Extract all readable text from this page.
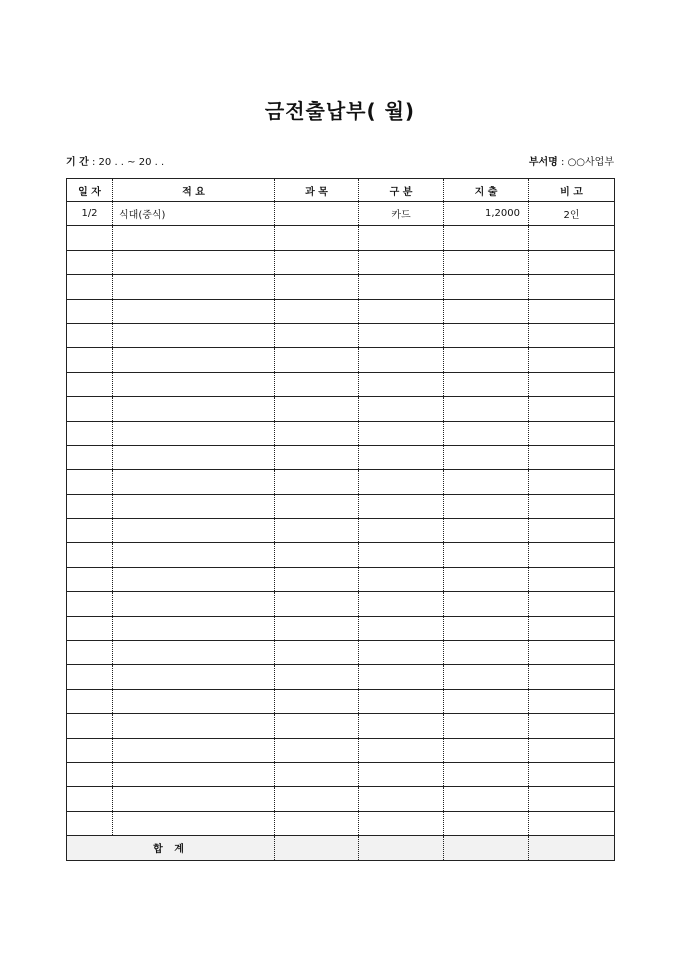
금전출납부( 월)
기 간 : 20 . . ~ 20 . .	부서명 : ○○사업부
일 자	적 요	과 목	구 분	지 출	비 고
1/2	식대(중식)		카드	1,2000	2인

합 계					
